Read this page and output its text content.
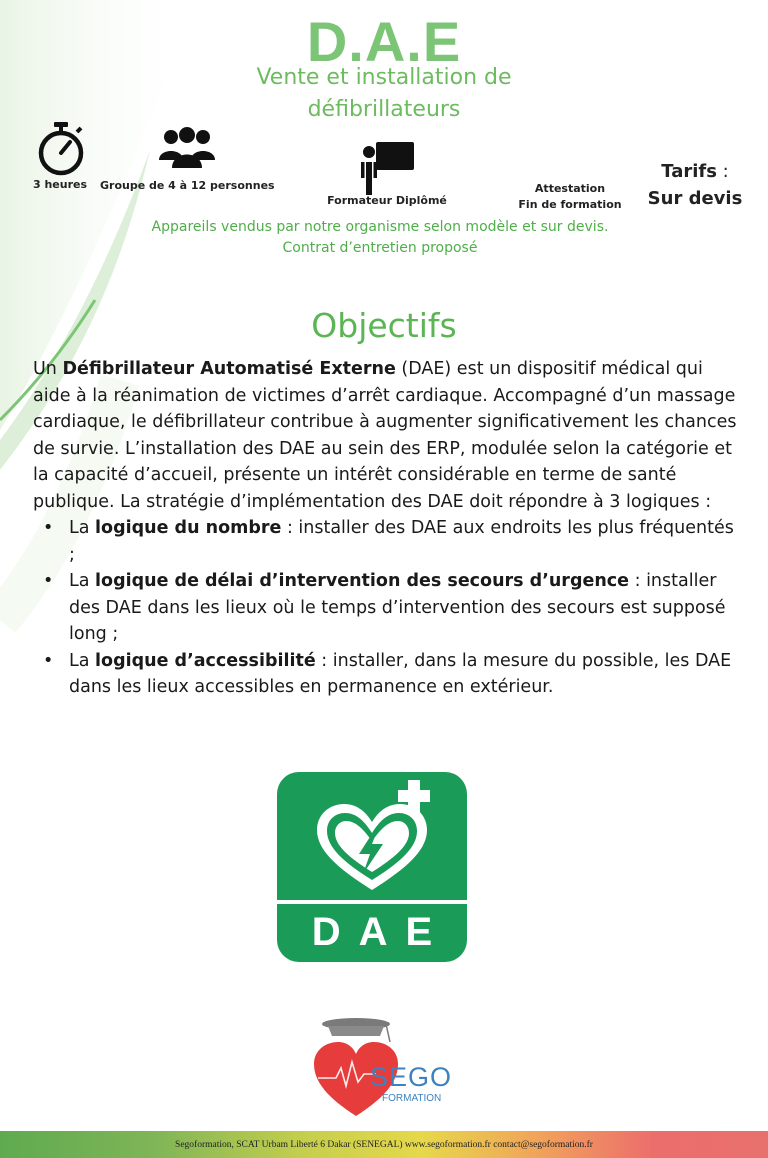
D.A.E
Vente et installation de
défibrillateurs
3 heures Groupe de 4 à 12 personnes
Formateur Diplômé
Attestation
Fin de formation
Tarifs :
Sur devis
Appareils vendus par notre organisme selon modèle et sur devis.
Contrat d’entretien proposé
Objectifs

Un Défibrillateur Automatisé Externe (DAE) est un dispositif médical qui aide à la réanimation de victimes d’arrêt cardiaque. Accompagné d’un massage cardiaque, le défibrillateur contribue à augmenter significativement les chances de survie. L’installation des DAE au sein des ERP, modulée selon la catégorie et la capacité d’accueil, présente un intérêt considérable en terme de santé publique. La stratégie d’implémentation des DAE doit répondre à 3 logiques :

• La logique du nombre : installer des DAE aux endroits les plus fréquentés ;
• La logique de délai d’intervention des secours d’urgence : installer des DAE dans les lieux où le temps d’intervention des secours est supposé long ;
• La logique d’accessibilité : installer, dans la mesure du possible, les DAE dans les lieux accessibles en permanence en extérieur.
DAE
SEGO
FORMATION
Segoformation, SCAT Urbam Liberté 6 Dakar (SENEGAL) www.segoformation.fr contact@segoformation.fr
